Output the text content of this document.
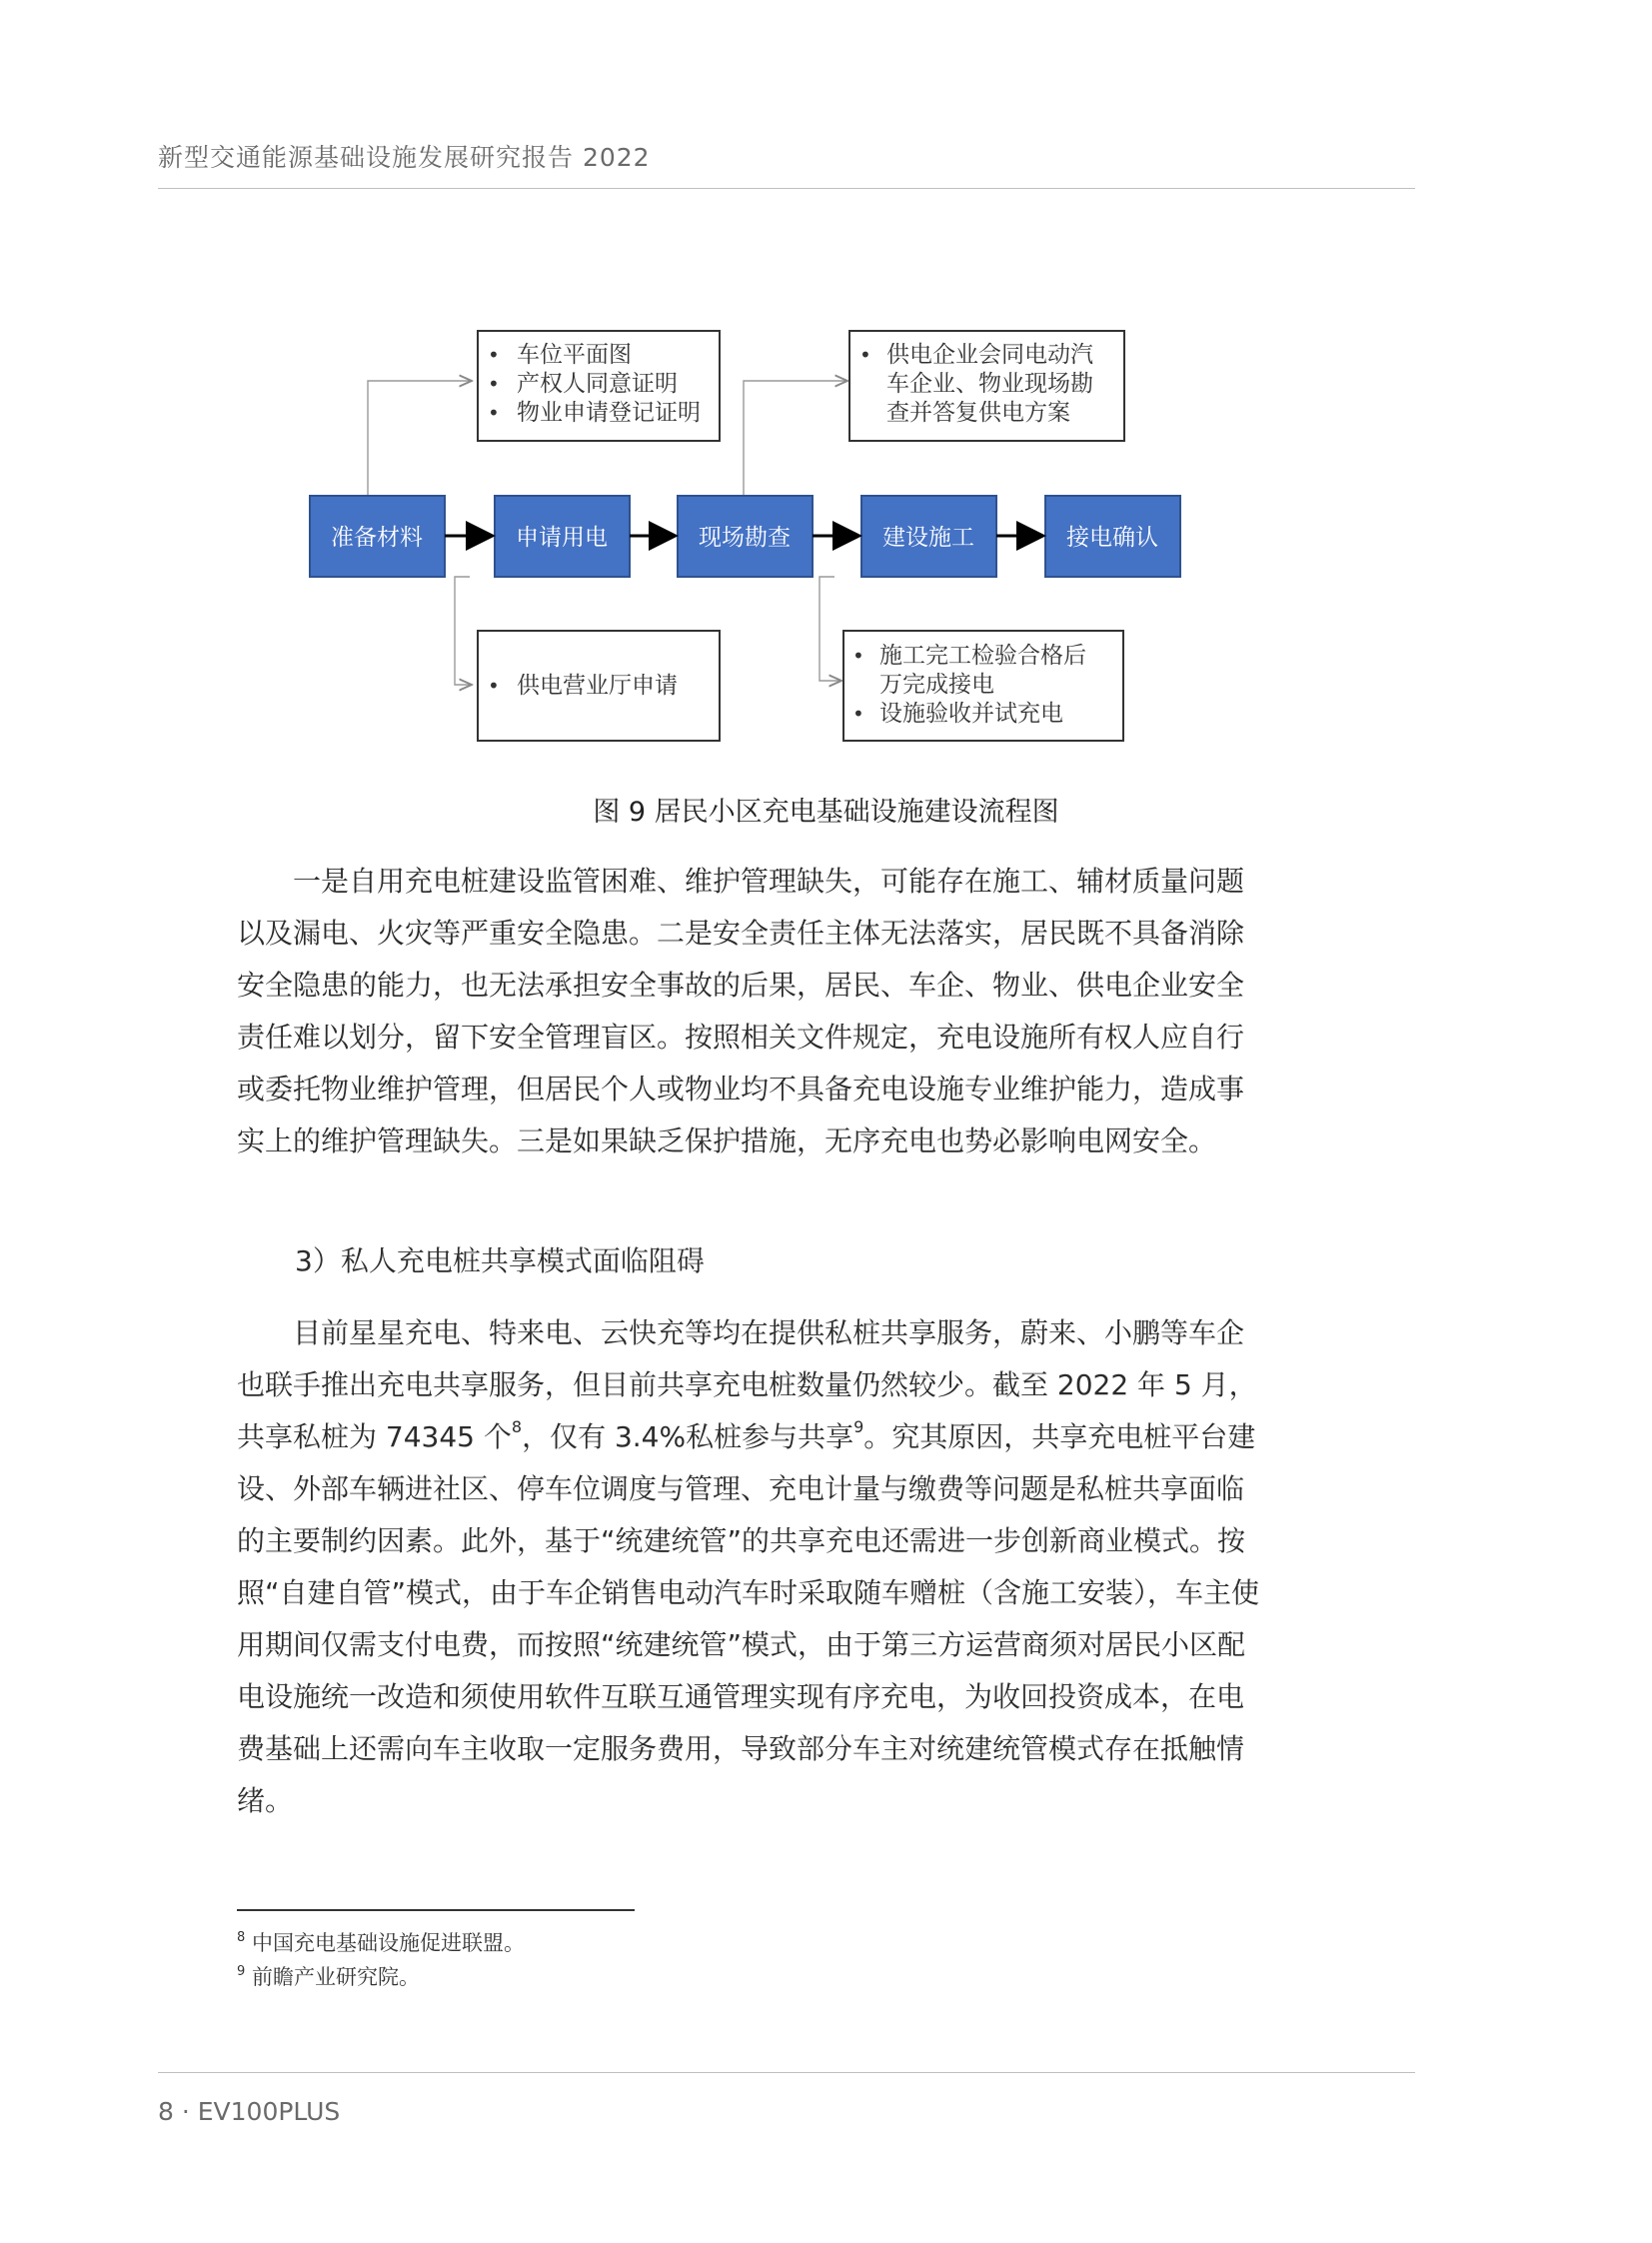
新型交通能源基础设施发展研究报告 2022
准备材料	申请用电	现场勘查	建设施工	接电确认
• 车位平面图
• 产权人同意证明
• 物业申请登记证明
• 供电企业会同电动汽
车企业、物业现场勘
查并答复供电方案
• 供电营业厅申请
• 施工完工检验合格后
万完成接电
• 设施验收并试充电
图 9 居民小区充电基础设施建设流程图

一是自用充电桩建设监管困难、维护管理缺失，可能存在施工、辅材质量问题以及漏电、火灾等严重安全隐患。二是安全责任主体无法落实，居民既不具备消除安全隐患的能力，也无法承担安全事故的后果，居民、车企、物业、供电企业安全责任难以划分，留下安全管理盲区。按照相关文件规定，充电设施所有权人应自行或委托物业维护管理，但居民个人或物业均不具备充电设施专业维护能力，造成事实上的维护管理缺失。三是如果缺乏保护措施，无序充电也势必影响电网安全。

3）私人充电桩共享模式面临阻碍

目前星星充电、特来电、云快充等均在提供私桩共享服务，蔚来、小鹏等车企也联手推出充电共享服务，但目前共享充电桩数量仍然较少。截至 2022 年 5 月，共享私桩为 74345 个$^8$，仅有 3.4%私桩参与共享$^9$。究其原因，共享充电桩平台建设、外部车辆进社区、停车位调度与管理、充电计量与缴费等问题是私桩共享面临的主要制约因素。此外，基于“统建统管”的共享充电还需进一步创新商业模式。按照“自建自管”模式，由于车企销售电动汽车时采取随车赠桩（含施工安装），车主使用期间仅需支付电费，而按照“统建统管”模式，由于第三方运营商须对居民小区配电设施统一改造和须使用软件互联互通管理实现有序充电，为收回投资成本，在电费基础上还需向车主收取一定服务费用，导致部分车主对统建统管模式存在抵触情绪。

$^8$ 中国充电基础设施促进联盟。
$^9$ 前瞻产业研究院。
8 · EV100PLUS
